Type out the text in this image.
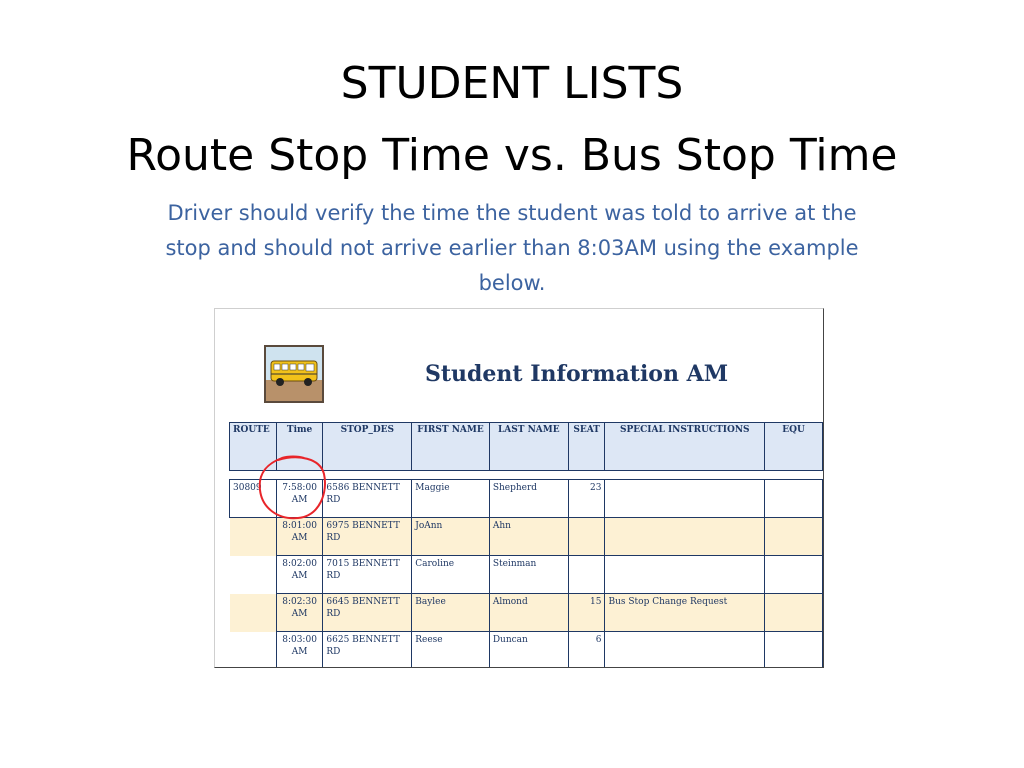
STUDENT LISTS
Route Stop Time vs. Bus Stop Time
Driver should verify the time the student was told to arrive at the stop and should not arrive earlier than 8:03AM using the example below.
Student Information AM
ROUTE	Time	STOP_DES	FIRST NAME	LAST NAME	SEAT	SPECIAL INSTRUCTIONS	EQU

30809	7:58:00 AM	6586 BENNETT RD	Maggie	Shepherd	23		
	8:01:00 AM	6975 BENNETT RD	JoAnn	Ahn			
	8:02:00 AM	7015 BENNETT RD	Caroline	Steinman			
	8:02:30 AM	6645 BENNETT RD	Baylee	Almond	15	Bus Stop Change Request	
	8:03:00 AM	6625 BENNETT RD	Reese	Duncan	6		
